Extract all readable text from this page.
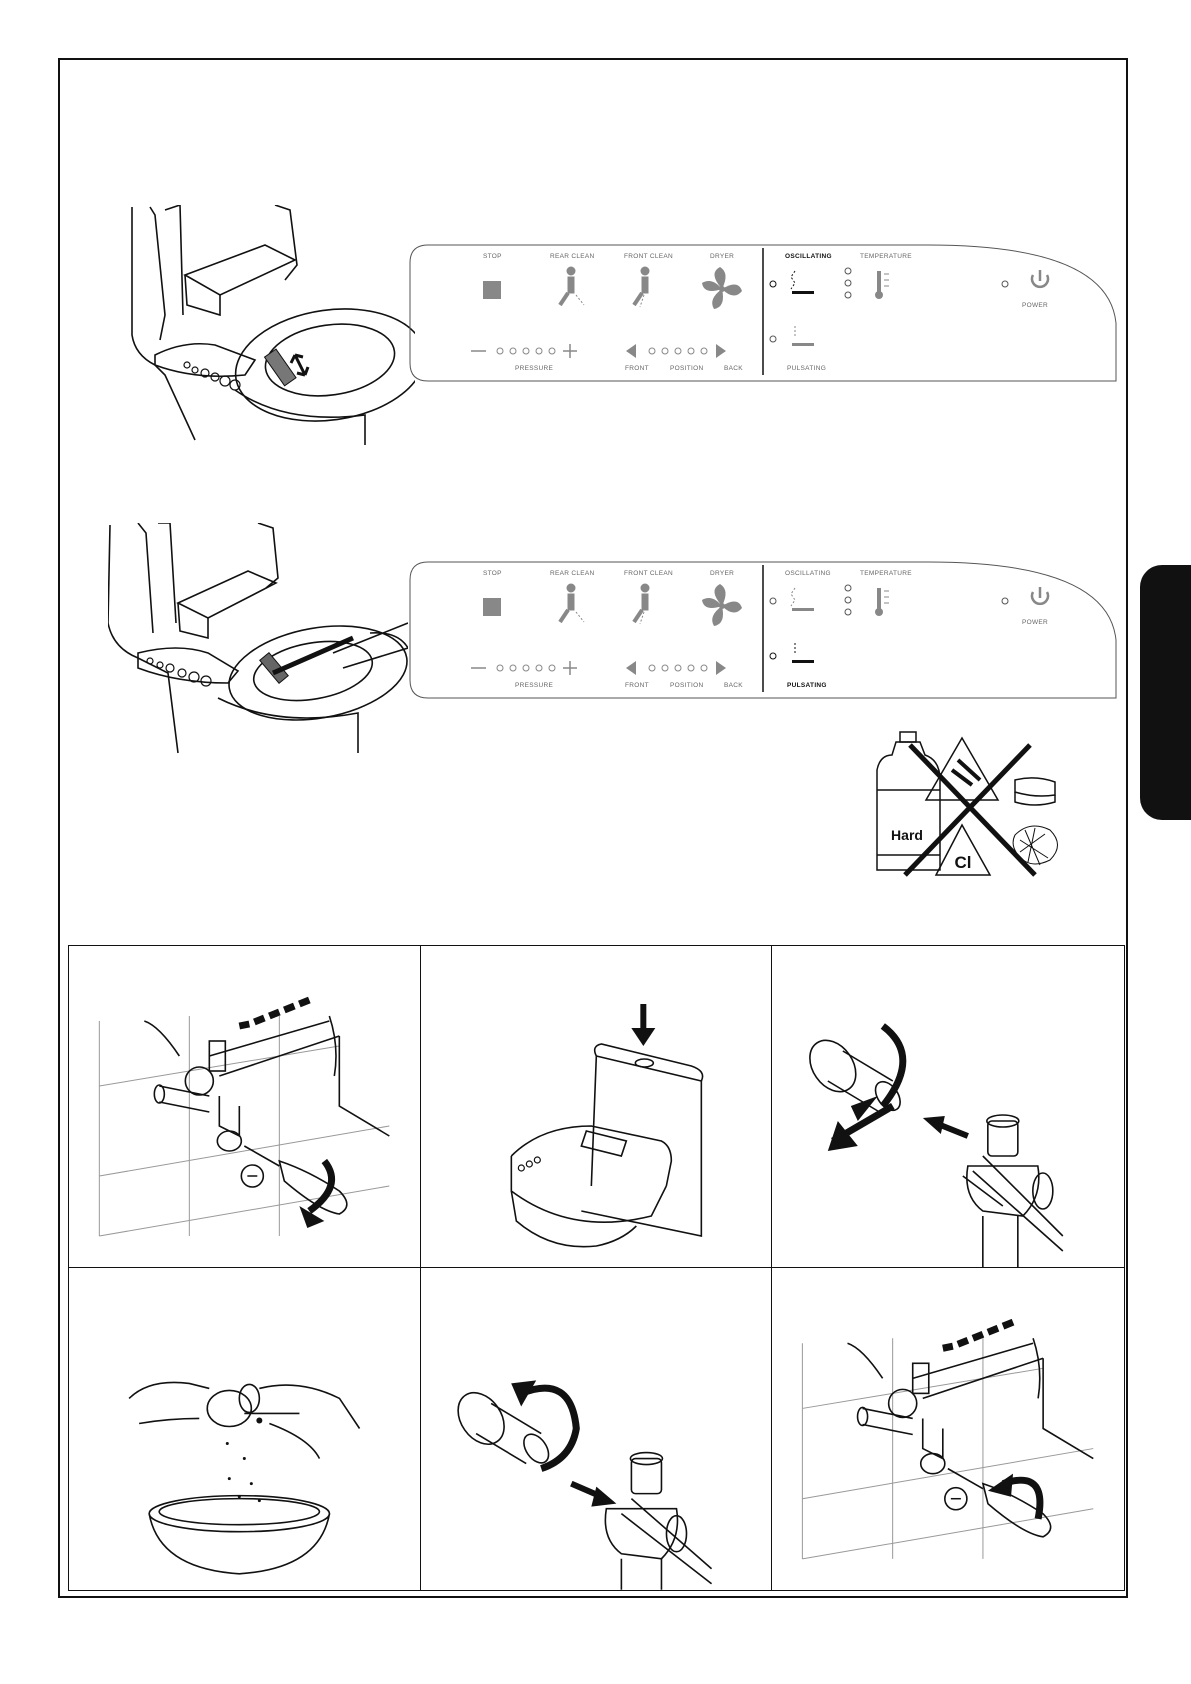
STOP	REAR CLEAN	FRONT CLEAN	DRYER	OSCILLATING	TEMPERATURE
POWER
PRESSURE	FRONT	POSITION	BACK	PULSATING
STOP	REAR CLEAN	FRONT CLEAN	DRYER	OSCILLATING	TEMPERATURE
POWER
PRESSURE	FRONT	POSITION	BACK	PULSATING
Hard
Cl
